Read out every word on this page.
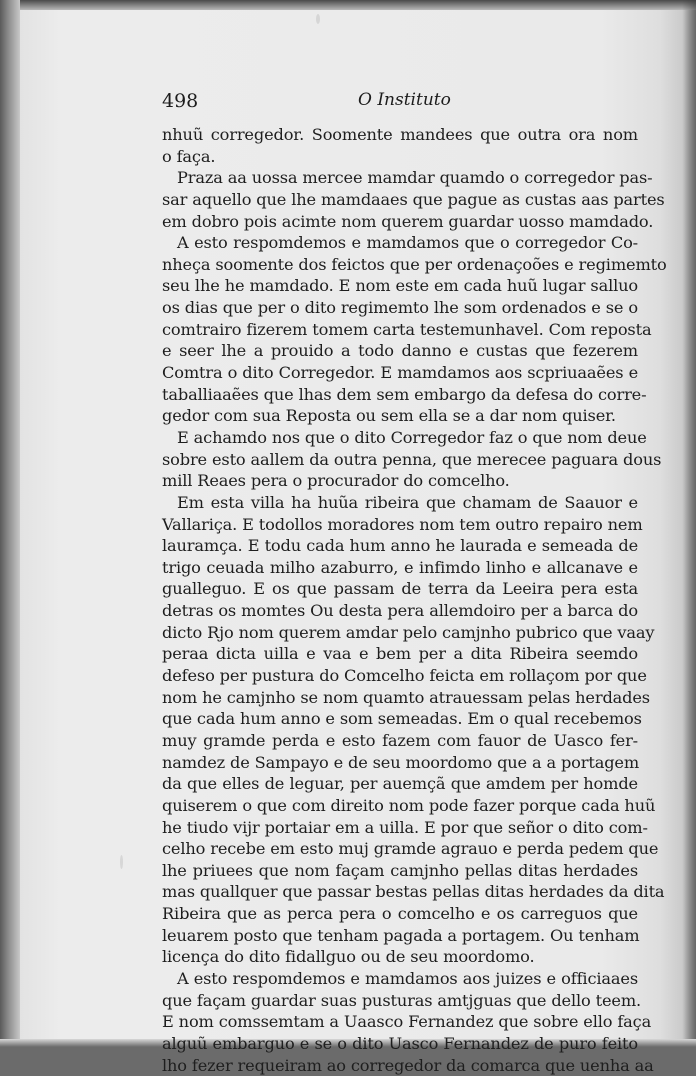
498	O Instituto
nhuũ corregedor. Soomente mandees que outra ora nom
o faça.
Praza aa uossa mercee mamdar quamdo o corregedor pas-
sar aquello que lhe mamdaaes que pague as custas aas partes
em dobro pois acimte nom querem guardar uosso mamdado.
A esto respomdemos e mamdamos que o corregedor Co-
nheça soomente dos feictos que per ordenaçoões e regimemto
seu lhe he mamdado. E nom este em cada huũ lugar salluo
os dias que per o dito regimemto lhe som ordenados e se o
comtrairo fizerem tomem carta testemunhavel. Com reposta
e seer lhe a prouido a todo danno e custas que fezerem
Comtra o dito Corregedor. E mamdamos aos scpriuaaẽes e
taballiaaẽes que lhas dem sem embargo da defesa do corre-
gedor com sua Reposta ou sem ella se a dar nom quiser.
E achamdo nos que o dito Corregedor faz o que nom deue
sobre esto aallem da outra penna, que merecee paguara dous
mill Reaes pera o procurador do comcelho.
Em esta villa ha huũa ribeira que chamam de Saauor e
Vallariça. E todollos moradores nom tem outro repairo nem
lauramça. E todu cada hum anno he laurada e semeada de
trigo ceuada milho azaburro, e infimdo linho e allcanave e
gualleguo. E os que passam de terra da Leeira pera esta
detras os momtes Ou desta pera allemdoiro per a barca do
dicto Rjo nom querem amdar pelo camjnho pubrico que vaay
peraa dicta uilla e vaa e bem per a dita Ribeira seemdo
defeso per pustura do Comcelho feicta em rollaçom por que
nom he camjnho se nom quamto atrauessam pelas herdades
que cada hum anno e som semeadas. Em o qual recebemos
muy gramde perda e esto fazem com fauor de Uasco fer-
namdez de Sampayo e de seu moordomo que a a portagem
da que elles de leguar, per auemçã que amdem per homde
quiserem o que com direito nom pode fazer porque cada huũ
he tiudo vijr portaiar em a uilla. E por que señor o dito com-
celho recebe em esto muj gramde agrauo e perda pedem que
lhe priuees que nom façam camjnho pellas ditas herdades
mas quallquer que passar bestas pellas ditas herdades da dita
Ribeira que as perca pera o comcelho e os carreguos que
leuarem posto que tenham pagada a portagem. Ou tenham
licença do dito fidallguo ou de seu moordomo.
A esto respomdemos e mamdamos aos juizes e officiaaes
que façam guardar suas pusturas amtjguas que dello teem.
E nom comssemtam a Uaasco Fernandez que sobre ello faça
alguũ embarguo e se o dito Uasco Fernandez de puro feito
lho fezer requeiram ao corregedor da comarca que uenha aa
